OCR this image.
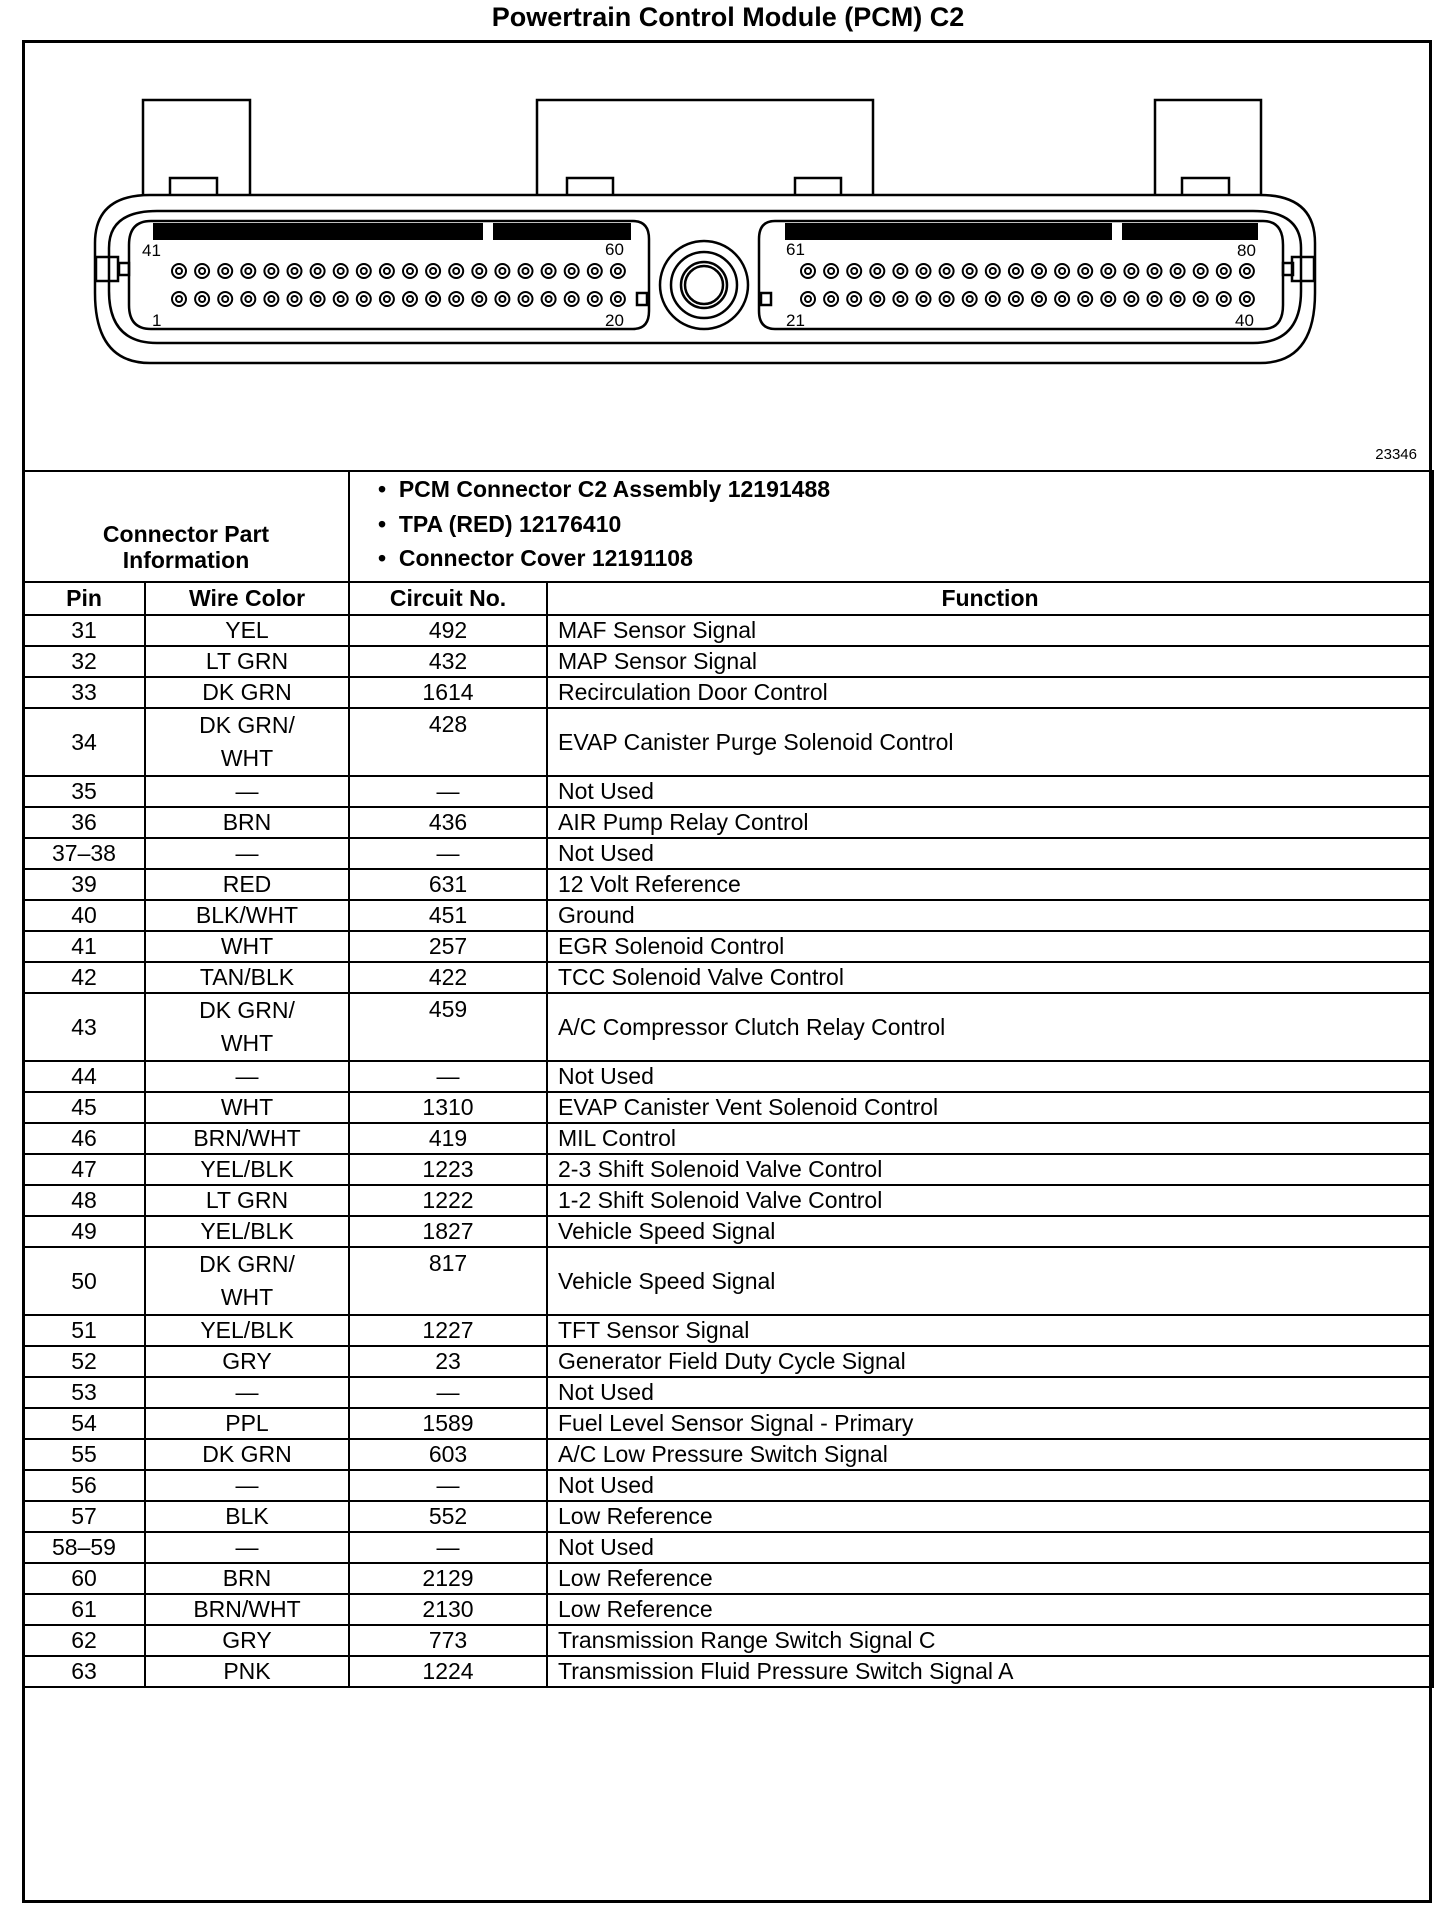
Powertrain Control Module (PCM) C2
41	60
1	20
61	80
21	40
23346
Connector Part Information		•  PCM Connector C2 Assembly 12191488
•  TPA (RED) 12176410
•  Connector Cover 12191108	

Pin	Wire Color	Circuit No.	Function
31	YEL	492	MAF Sensor Signal
32	LT GRN	432	MAP Sensor Signal
33	DK GRN	1614	Recirculation Door Control
34	DK GRN/
WHT	428	EVAP Canister Purge Solenoid Control
35	—	—	Not Used
36	BRN	436	AIR Pump Relay Control
37–38	—	—	Not Used
39	RED	631	12 Volt Reference
40	BLK/WHT	451	Ground
41	WHT	257	EGR Solenoid Control
42	TAN/BLK	422	TCC Solenoid Valve Control
43	DK GRN/
WHT	459	A/C Compressor Clutch Relay Control
44	—	—	Not Used
45	WHT	1310	EVAP Canister Vent Solenoid Control
46	BRN/WHT	419	MIL Control
47	YEL/BLK	1223	2-3 Shift Solenoid Valve Control
48	LT GRN	1222	1-2 Shift Solenoid Valve Control
49	YEL/BLK	1827	Vehicle Speed Signal
50	DK GRN/
WHT	817	Vehicle Speed Signal
51	YEL/BLK	1227	TFT Sensor Signal
52	GRY	23	Generator Field Duty Cycle Signal
53	—	—	Not Used
54	PPL	1589	Fuel Level Sensor Signal - Primary
55	DK GRN	603	A/C Low Pressure Switch Signal
56	—	—	Not Used
57	BLK	552	Low Reference
58–59	—	—	Not Used
60	BRN	2129	Low Reference
61	BRN/WHT	2130	Low Reference
62	GRY	773	Transmission Range Switch Signal C
63	PNK	1224	Transmission Fluid Pressure Switch Signal A
